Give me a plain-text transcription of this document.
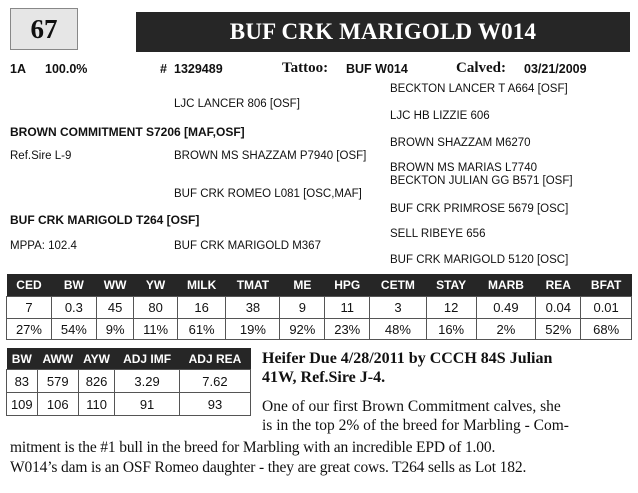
67	BUF CRK MARIGOLD W014
1A 100.0%	# 1329489	Tattoo: BUF W014	Calved: 03/21/2009
LJC LANCER 806 [OSF]
BECKTON LANCER T A664 [OSF]
LJC HB LIZZIE 606
BROWN COMMITMENT S7206 [MAF,OSF]
BROWN SHAZZAM M6270
Ref.Sire L-9	BROWN MS SHAZZAM P7940 [OSF]
BROWN MS MARIAS L7740
BECKTON JULIAN GG B571 [OSF]
BUF CRK ROMEO L081 [OSC,MAF]
BUF CRK PRIMROSE 5679 [OSC]
BUF CRK MARIGOLD T264 [OSF]
SELL RIBEYE 656
MPPA: 102.4	BUF CRK MARIGOLD M367
BUF CRK MARIGOLD 5120 [OSC]
CED	BW	WW	YW	MILK	TMAT	ME	HPG	CETM	STAY	MARB	REA	BFAT
7	0.3	45	80	16	38	9	11	3	12	0.49	0.04	0.01
27%	54%	9%	11%	61%	19%	92%	23%	48%	16%	2%	52%	68%
BW	AWW	AYW	ADJ IMF	ADJ REA
83	579	826	3.29	7.62
109	106	110	91	93
Heifer Due 4/28/2011 by CCCH 84S Julian
41W, Ref.Sire J-4.
One of our first Brown Commitment calves, she
is in the top 2% of the breed for Marbling - Com-
mitment is the #1 bull in the breed for Marbling with an incredible EPD of 1.00.
W014’s dam is an OSF Romeo daughter - they are great cows. T264 sells as Lot 182.
